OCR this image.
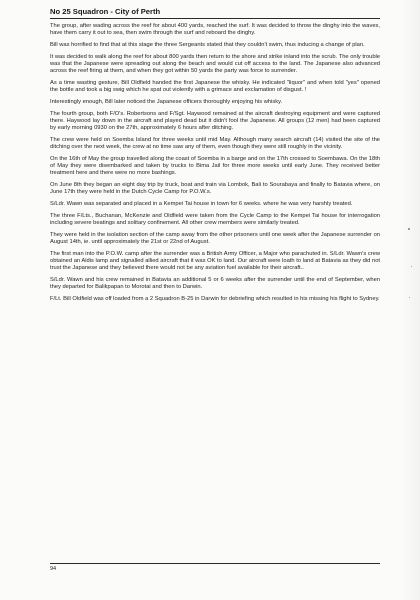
No 25 Squadron - City of Perth

The group, after wading across the reef for about 400 yards, reached the surf. It was decided to throw the dinghy into the waves, have them carry it out to sea, then swim through the surf and reboard the dinghy.

Bill was horrified to find that at this stage the three Sergeants stated that they couldn't swim, thus inducing a change of plan.

It was decided to walk along the reef for about 800 yards then return to the shore and strike inland into the scrub. The only trouble was that the Japanese were spreading out along the beach and would cut off access to the land. The Japanese also advanced across the reef firing at them, and when they got within 50 yards the party was force to surrender.

As a time wasting gesture, Bill Oldfield handed the first Japanese the whisky. He indicated "liquor" and when told "yes" opened the bottle and took a big swig which he spat out violently with a grimace and exclamation of disgust. !

Interestingly enough, Bill later noticed the Japanese officers thoroughly enjoying his whisky.

The fourth group, both F/O's. Robertsons and F/Sgt. Haywood remained at the aircraft destroying equipment and were captured there. Haywood lay down in the aircraft and played dead but it didn't fool the Japanese. All groups (12 men) had been captured by early morning 0930 on the 27th, approximately 6 hours after ditching.

The crew were held on Soemba Island for three weeks until mid May. Although many search aircraft (14) visited the site of the ditching over the next week, the crew at no time saw any of them, even though they were still roughly in the vicinity.

On the 16th of May the group travelled along the coast of Soemba in a barge and on the 17th crossed to Soembawa. On the 18th of May they were disembarked and taken by trucks to Bima Jail for three more weeks until early June. They received better treatment here and there were no more bashings.

On June 8th they began an eight day trip by truck, boat and train via Lombok, Bali to Sourabaya and finally to Batavia where, on June 17th they were held in the Dutch Cycle Camp for P.O.W.s.

S/Ldr. Wawn was separated and placed in a Kempei Tai house in town for 6 weeks. where he was very harshly treated.

The three F/Lts., Buchanan, McKenzie and Oldfield were taken from the Cycle Camp to the Kempei Tai house for interrogation including severe beatings and solitary confinement. All other crew members were similarly treated.

They were held in the isolation section of the camp away from the other prisoners until one week after the Japanese surrender on August 14th, ie. until approximately the 21st or 22nd of August.

The first man into the P.O.W. camp after the surrender was a British Army Officer, a Major who parachuted in. S/Ldr. Wawn's crew obtained an Aldis lamp and signalled allied aircraft that it was OK to land. Our aircraft were loath to land at Batavia as they did not trust the Japanese and they believed there would not be any aviation fuel available for their aircraft..

S/Ldr. Wawn and his crew remained in Batavia an additional 5 or 6 weeks after the surrender until the end of September, when they departed for Balikpapan to Morotai and then to Darwin.

F/Lt. Bill Oldfield was off loaded from a 2 Squadron B-25 in Darwin for debriefing which resulted in his missing his flight to Sydney.

94
